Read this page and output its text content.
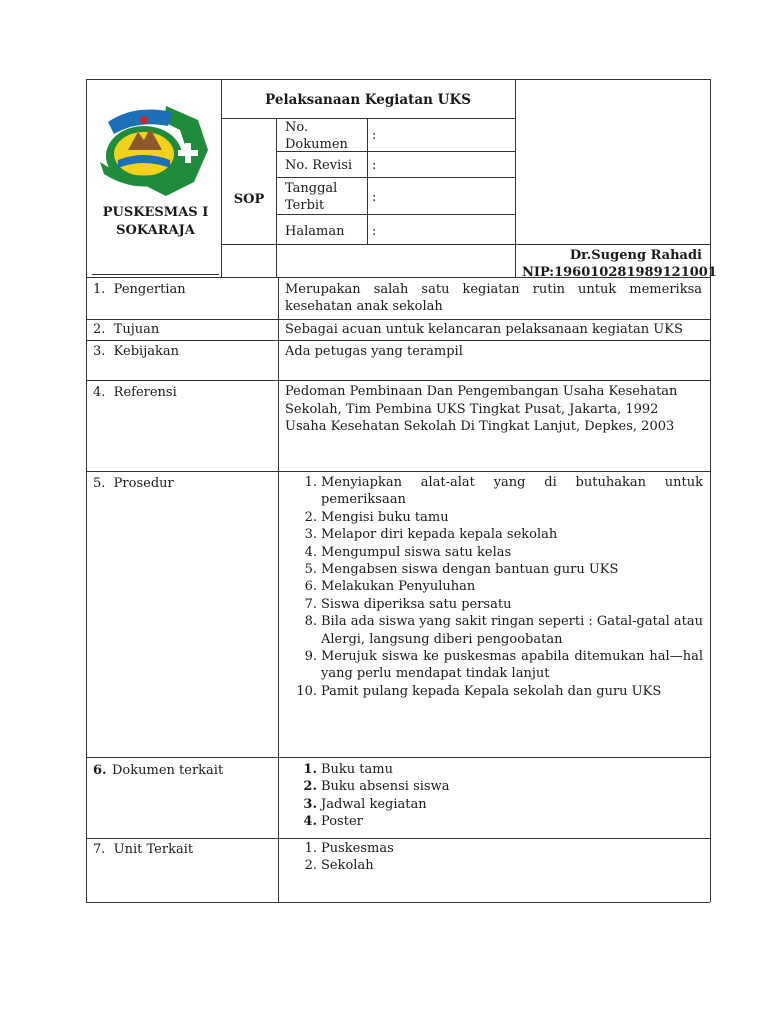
PUSKESMAS I
SOKARAJA
Pelaksanaan Kegiatan UKS
SOP
No.
Dokumen
:
No. Revisi :
Tanggal
Terbit
:
Halaman :
Dr.Sugeng Rahadi
NIP:196010281989121001
1.  Pengertian	Merupakan salah satu kegiatan rutin untuk memeriksa kesehatan anak sekolah
2.  Tujuan	Sebagai acuan untuk kelancaran pelaksanaan kegiatan UKS
3.  Kebijakan	Ada petugas yang terampil
4.  Referensi	Pedoman Pembinaan Dan Pengembangan Usaha Kesehatan
Sekolah, Tim Pembina UKS Tingkat Pusat, Jakarta, 1992
Usaha Kesehatan Sekolah Di Tingkat Lanjut, Depkes, 2003
5.  Prosedur	1 . Menyiapkan alat-alat yang di butuhakan untuk pemeriksaan
2 . Mengisi buku tamu
3 . Melapor diri kepada kepala sekolah
4 . Mengumpul siswa satu kelas
5 . Mengabsen siswa dengan bantuan guru UKS
6 . Melakukan Penyuluhan
7 . Siswa diperiksa satu persatu
8 . Bila ada siswa yang sakit ringan seperti : Gatal-gatal atau Alergi, langsung diberi pengoobatan
9 . Merujuk siswa ke puskesmas apabila ditemukan hal—hal yang perlu mendapat tindak lanjut
10 . Pamit pulang kepada Kepala sekolah dan guru UKS
6. Dokumen terkait	1 . Buku tamu
2 . Buku absensi siswa
3 . Jadwal kegiatan
4 . Poster
7.  Unit Terkait	1 . Puskesmas
2 . Sekolah
